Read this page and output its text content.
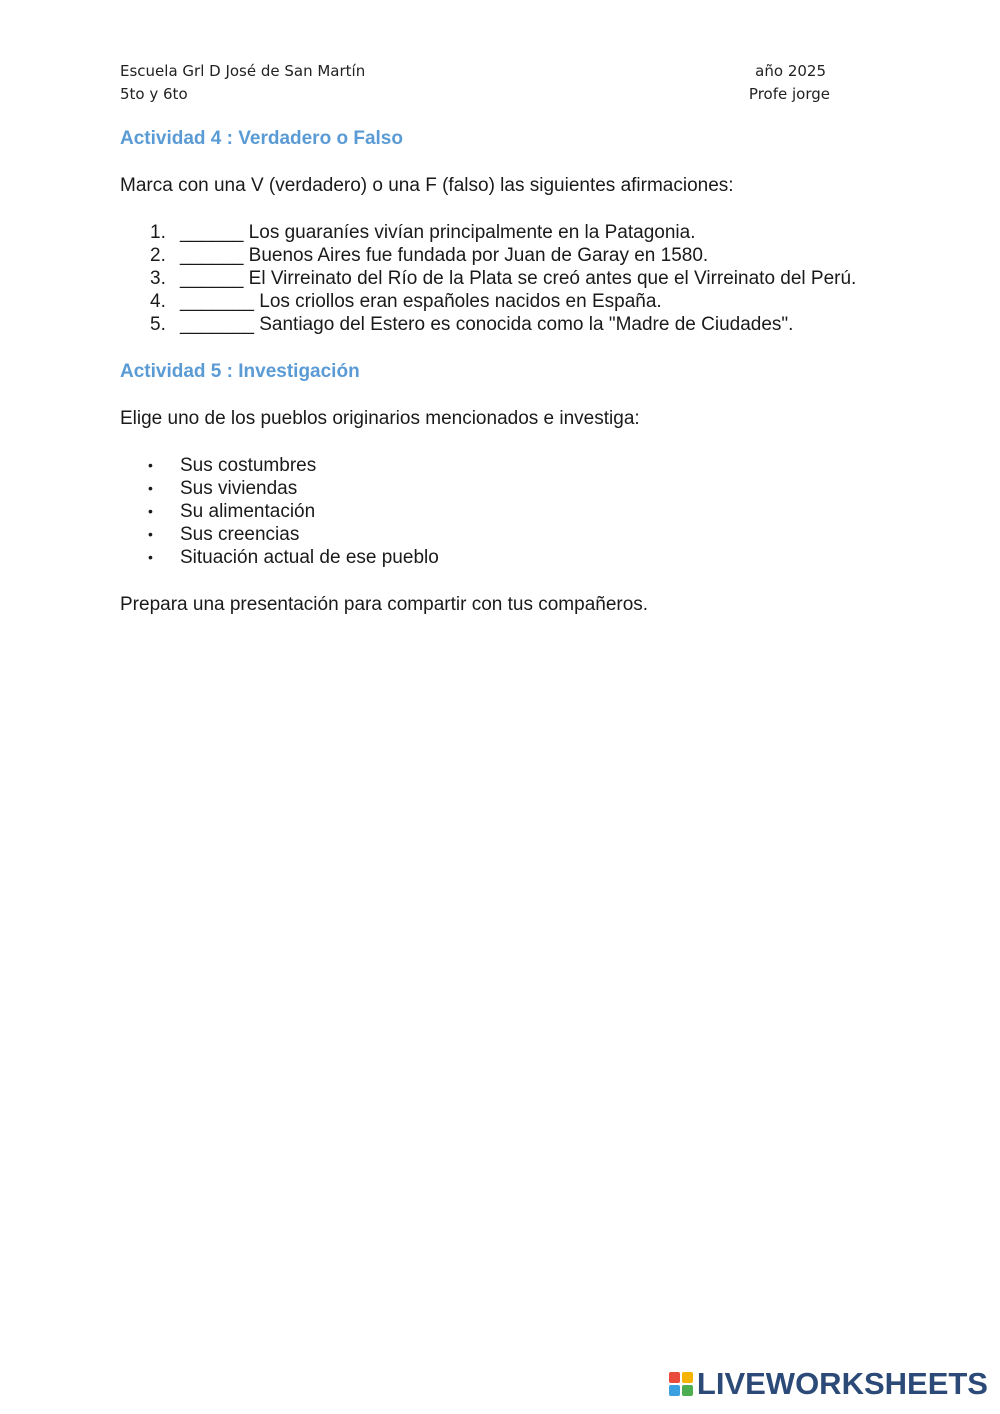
Escuela Grl D José de San Martín	año 2025
5to y 6to	Profe jorge
Actividad 4 : Verdadero o Falso

Marca con una V (verdadero) o una F (falso) las siguientes afirmaciones:

1. ______ Los guaraníes vivían principalmente en la Patagonia.
2. ______ Buenos Aires fue fundada por Juan de Garay en 1580.
3. ______ El Virreinato del Río de la Plata se creó antes que el Virreinato del Perú.
4. _______ Los criollos eran españoles nacidos en España.
5. _______ Santiago del Estero es conocida como la "Madre de Ciudades".
Actividad 5 : Investigación

Elige uno de los pueblos originarios mencionados e investiga:

•	Sus costumbres
•	Sus viviendas
•	Su alimentación
•	Sus creencias
•	Situación actual de ese pueblo

Prepara una presentación para compartir con tus compañeros.

LIVEWORKSHEETS
